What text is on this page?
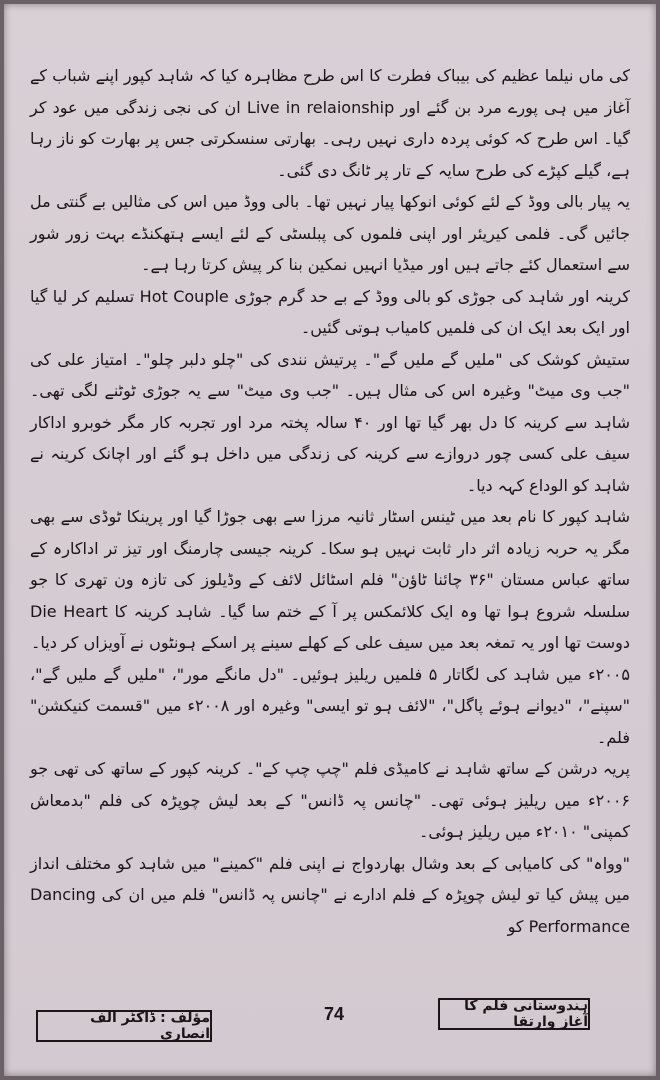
کی ماں نیلما عظیم کی بیباک فطرت کا اس طرح مظاہرہ کیا کہ شاہد کپور اپنے شباب کے آغاز میں ہی پورے مرد بن گئے اور Live in relaionship ان کی نجی زندگی میں عود کر گیا۔ اس طرح کہ کوئی پردہ داری نہیں رہی۔ بھارتی سنسکرتی جس پر بھارت کو ناز رہا ہے، گیلے کپڑے کی طرح سایہ کے تار پر ٹانگ دی گئی۔

یہ پیار بالی ووڈ کے لئے کوئی انوکھا پیار نہیں تھا۔ بالی ووڈ میں اس کی مثالیں بے گنتی مل جائیں گی۔ فلمی کیریئر اور اپنی فلموں کی پبلسٹی کے لئے ایسے ہتھکنڈے بہت زور شور سے استعمال کئے جاتے ہیں اور میڈیا انہیں نمکین بنا کر پیش کرتا رہا ہے۔

کرینہ اور شاہد کی جوڑی کو بالی ووڈ کے بے حد گرم جوڑی Hot Couple تسلیم کر لیا گیا اور ایک بعد ایک ان کی فلمیں کامیاب ہوتی گئیں۔

ستیش کوشک کی "ملیں گے ملیں گے"۔ پرتیش نندی کی "چلو دلبر چلو"۔ امتیاز علی کی "جب وی میٹ" وغیرہ اس کی مثال ہیں۔ "جب وی میٹ" سے یہ جوڑی ٹوٹنے لگی تھی۔ شاہد سے کرینہ کا دل بھر گیا تھا اور ۴۰ سالہ پختہ مرد اور تجربہ کار مگر خوبرو اداکار سیف علی کسی چور دروازے سے کرینہ کی زندگی میں داخل ہو گئے اور اچانک کرینہ نے شاہد کو الوداع کہہ دیا۔

شاہد کپور کا نام بعد میں ٹینس اسٹار ثانیہ مرزا سے بھی جوڑا گیا اور پرینکا ٹوڈی سے بھی مگر یہ حربہ زیادہ اثر دار ثابت نہیں ہو سکا۔ کرینہ جیسی چارمنگ اور تیز تر اداکارہ کے ساتھ عباس مستان "۳۶ چائنا ٹاؤن" فلم اسٹائل لائف کے وڈیلوز کی تازہ ون تھری کا جو سلسلہ شروع ہوا تھا وہ ایک کلائمکس پر آ کے ختم سا گیا۔ شاہد کرینہ کا Die Heart دوست تھا اور یہ تمغہ بعد میں سیف علی کے کھلے سینے پر اسکے ہونٹوں نے آویزاں کر دیا۔

۲۰۰۵ء میں شاہد کی لگاتار ۵ فلمیں ریلیز ہوئیں۔ "دل مانگے مور"، "ملیں گے ملیں گے"، "سپنے"، "دیوانے ہوئے پاگل"، "لائف ہو تو ایسی" وغیرہ اور ۲۰۰۸ء میں "قسمت کنیکشن" فلم۔

پریہ درشن کے ساتھ شاہد نے کامیڈی فلم "چپ چپ کے"۔ کرینہ کپور کے ساتھ کی تھی جو ۲۰۰۶ء میں ریلیز ہوئی تھی۔ "چانس پہ ڈانس" کے بعد لیش چوپڑہ کی فلم "بدمعاش کمپنی" ۲۰۱۰ء میں ریلیز ہوئی۔

"وواہ" کی کامیابی کے بعد وشال بھاردواج نے اپنی فلم "کمینے" میں شاہد کو مختلف انداز میں پیش کیا تو لیش چوپڑہ کے فلم ادارے نے "چانس پہ ڈانس" فلم میں ان کی Dancing Performance کو

مؤلف : ڈاکٹر الف انصاری
74	ہندوستانی فلم کا آغاز وارتقا
